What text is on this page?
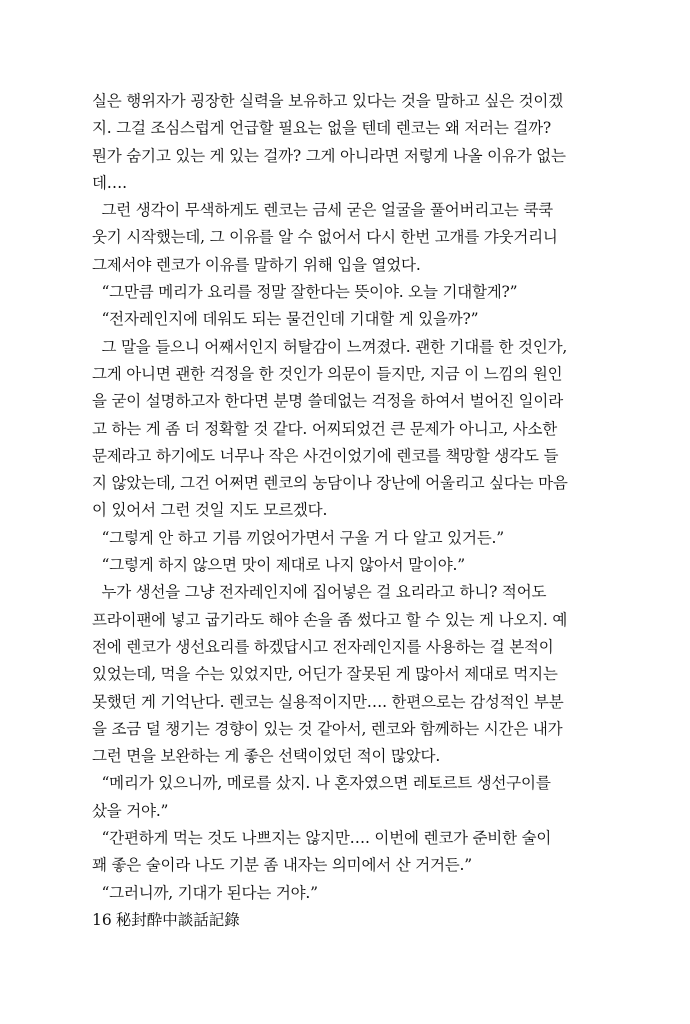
실은 행위자가 굉장한 실력을 보유하고 있다는 것을 말하고 싶은 것이겠
지. 그걸 조심스럽게 언급할 필요는 없을 텐데 렌코는 왜 저러는 걸까?
뭔가 숨기고 있는 게 있는 걸까? 그게 아니라면 저렇게 나올 이유가 없는
데….
그런 생각이 무색하게도 렌코는 금세 굳은 얼굴을 풀어버리고는 쿡쿡
웃기 시작했는데, 그 이유를 알 수 없어서 다시 한번 고개를 갸웃거리니
그제서야 렌코가 이유를 말하기 위해 입을 열었다.
“그만큼 메리가 요리를 정말 잘한다는 뜻이야. 오늘 기대할게?”
“전자레인지에 데워도 되는 물건인데 기대할 게 있을까?”
그 말을 들으니 어째서인지 허탈감이 느껴졌다. 괜한 기대를 한 것인가,
그게 아니면 괜한 걱정을 한 것인가 의문이 들지만, 지금 이 느낌의 원인
을 굳이 설명하고자 한다면 분명 쓸데없는 걱정을 하여서 벌어진 일이라
고 하는 게 좀 더 정확할 것 같다. 어찌되었건 큰 문제가 아니고, 사소한
문제라고 하기에도 너무나 작은 사건이었기에 렌코를 책망할 생각도 들
지 않았는데, 그건 어쩌면 렌코의 농담이나 장난에 어울리고 싶다는 마음
이 있어서 그런 것일 지도 모르겠다.
“그렇게 안 하고 기름 끼얹어가면서 구울 거 다 알고 있거든.”
“그렇게 하지 않으면 맛이 제대로 나지 않아서 말이야.”
누가 생선을 그냥 전자레인지에 집어넣은 걸 요리라고 하니? 적어도
프라이팬에 넣고 굽기라도 해야 손을 좀 썼다고 할 수 있는 게 나오지. 예
전에 렌코가 생선요리를 하겠답시고 전자레인지를 사용하는 걸 본적이
있었는데, 먹을 수는 있었지만, 어딘가 잘못된 게 많아서 제대로 먹지는
못했던 게 기억난다. 렌코는 실용적이지만…. 한편으로는 감성적인 부분
을 조금 덜 챙기는 경향이 있는 것 같아서, 렌코와 함께하는 시간은 내가
그런 면을 보완하는 게 좋은 선택이었던 적이 많았다.
“메리가 있으니까, 메로를 샀지. 나 혼자였으면 레토르트 생선구이를
샀을 거야.”
“간편하게 먹는 것도 나쁘지는 않지만…. 이번에 렌코가 준비한 술이
꽤 좋은 술이라 나도 기분 좀 내자는 의미에서 산 거거든.”
“그러니까, 기대가 된다는 거야.”
16 秘封酔中談話記錄
